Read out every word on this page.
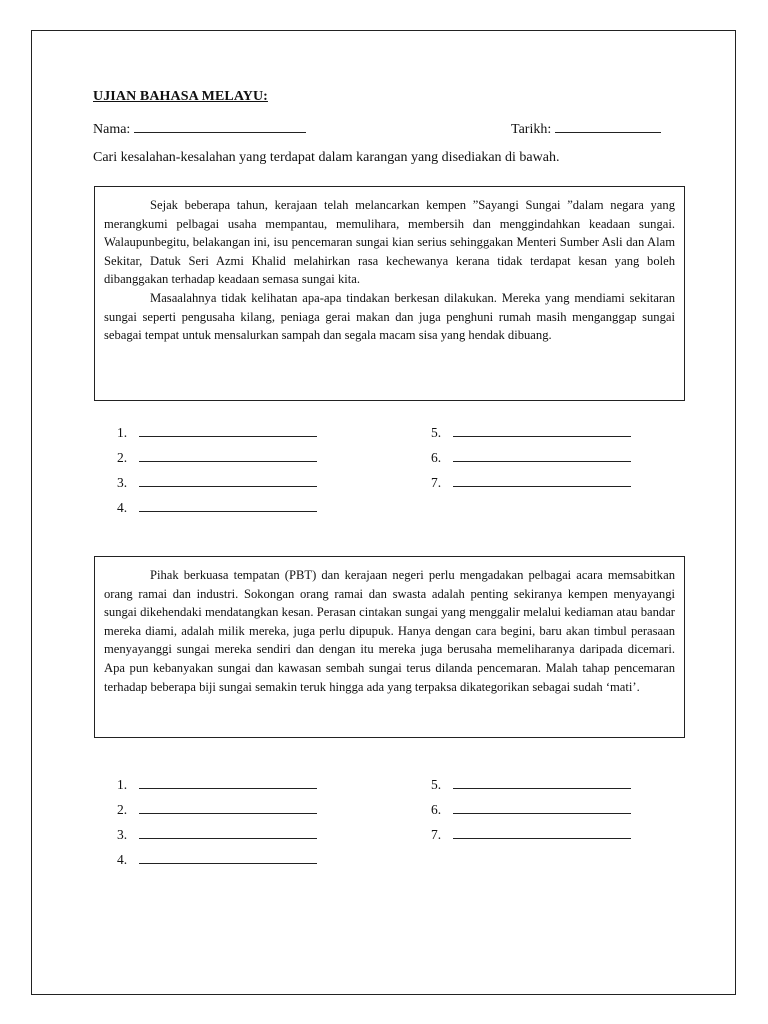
UJIAN BAHASA MELAYU:
Nama:	Tarikh:
Cari kesalahan-kesalahan yang terdapat dalam karangan yang disediakan di bawah.

Sejak beberapa tahun, kerajaan telah melancarkan kempen ”Sayangi Sungai ”dalam negara yang merangkumi pelbagai usaha mempantau, memulihara, membersih dan menggindahkan keadaan sungai. Walaupunbegitu, belakangan ini, isu pencemaran sungai kian serius sehinggakan Menteri Sumber Asli dan Alam Sekitar, Datuk Seri Azmi Khalid melahirkan rasa kechewanya kerana tidak terdapat kesan yang boleh dibanggakan terhadap keadaan semasa sungai kita.

Masaalahnya tidak kelihatan apa-apa tindakan berkesan dilakukan. Mereka yang mendiami sekitaran sungai seperti pengusaha kilang, peniaga gerai makan dan juga penghuni rumah masih menganggap sungai sebagai tempat untuk mensalurkan sampah dan segala macam sisa yang hendak dibuang.

1.
2.
3.
4.
5.
6.
7.

Pihak berkuasa tempatan (PBT) dan kerajaan negeri perlu mengadakan pelbagai acara memsabitkan orang ramai dan industri. Sokongan orang ramai dan swasta adalah penting sekiranya kempen menyayangi sungai dikehendaki mendatangkan kesan. Perasan cintakan sungai yang menggalir melalui kediaman atau bandar mereka diami, adalah milik mereka, juga perlu dipupuk. Hanya dengan cara begini, baru akan timbul perasaan menyayanggi sungai mereka sendiri dan dengan itu mereka juga berusaha memeliharanya daripada dicemari. Apa pun kebanyakan sungai dan kawasan sembah sungai terus dilanda pencemaran. Malah tahap pencemaran terhadap beberapa biji sungai semakin teruk hingga ada yang terpaksa dikategorikan sebagai sudah ‘mati’.

1.
2.
3.
4.
5.
6.
7.
